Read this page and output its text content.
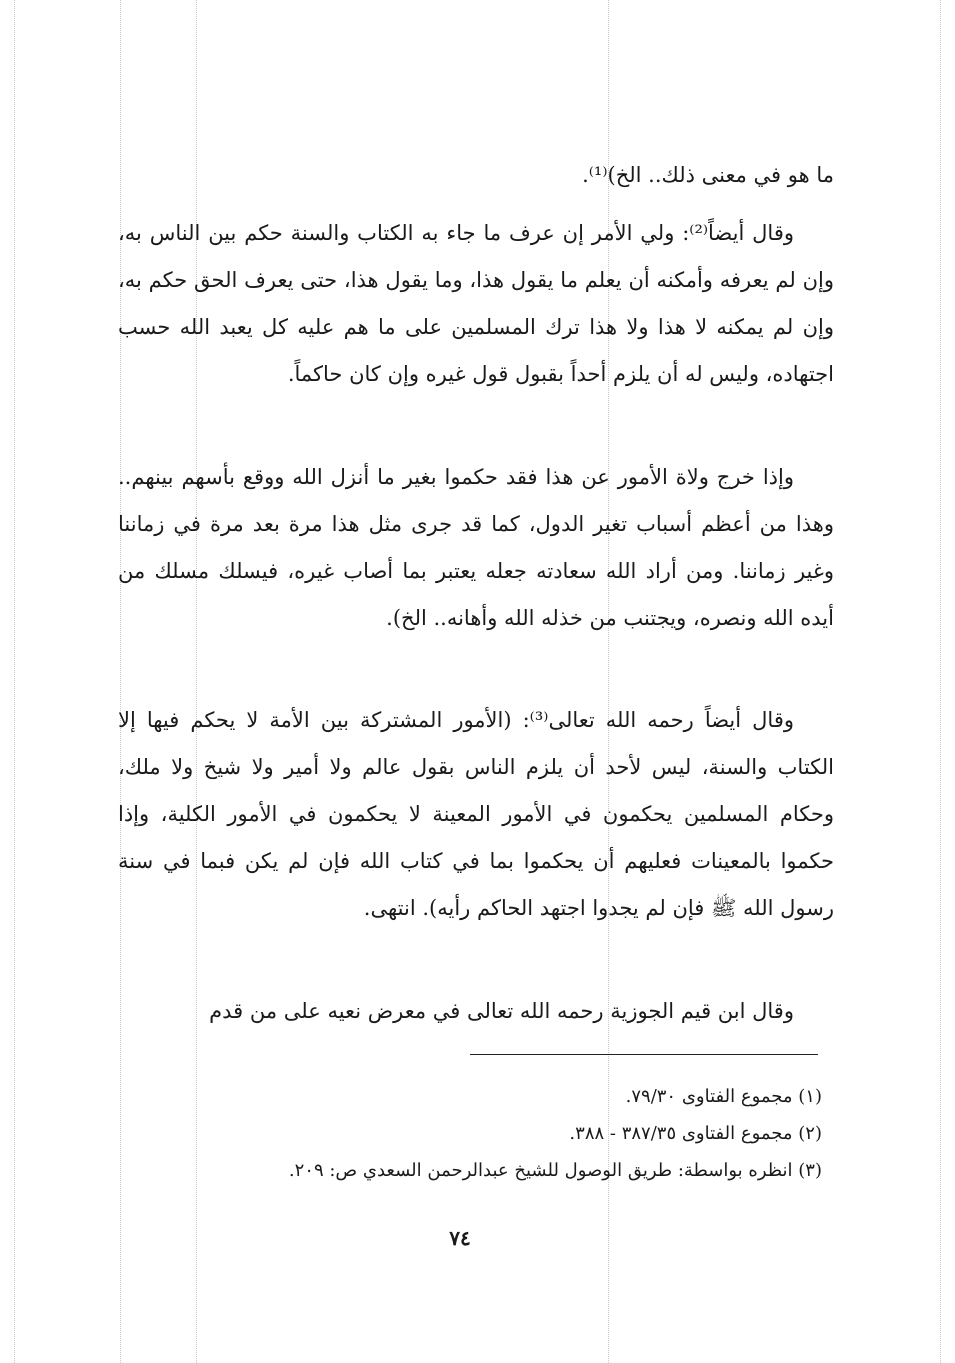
ما هو في معنى ذلك.. الخ)⁽¹⁾.

وقال أيضاً⁽²⁾: ولي الأمر إن عرف ما جاء به الكتاب والسنة حكم بين الناس به، وإن لم يعرفه وأمكنه أن يعلم ما يقول هذا، وما يقول هذا، حتى يعرف الحق حكم به، وإن لم يمكنه لا هذا ولا هذا ترك المسلمين على ما هم عليه كل يعبد الله حسب اجتهاده، وليس له أن يلزم أحداً بقبول قول غيره وإن كان حاكماً.

وإذا خرج ولاة الأمور عن هذا فقد حكموا بغير ما أنزل الله ووقع بأسهم بينهم.. وهذا من أعظم أسباب تغير الدول، كما قد جرى مثل هذا مرة بعد مرة في زماننا وغير زماننا. ومن أراد الله سعادته جعله يعتبر بما أصاب غيره، فيسلك مسلك من أيده الله ونصره، ويجتنب من خذله الله وأهانه.. الخ).

وقال أيضاً رحمه الله تعالى⁽³⁾: (الأمور المشتركة بين الأمة لا يحكم فيها إلا الكتاب والسنة، ليس لأحد أن يلزم الناس بقول عالم ولا أمير ولا شيخ ولا ملك، وحكام المسلمين يحكمون في الأمور المعينة لا يحكمون في الأمور الكلية، وإذا حكموا بالمعينات فعليهم أن يحكموا بما في كتاب الله فإن لم يكن فبما في سنة رسول الله ﷺ فإن لم يجدوا اجتهد الحاكم رأيه). انتهى.

وقال ابن قيم الجوزية رحمه الله تعالى في معرض نعيه على من قدم

(١) مجموع الفتاوى ٧٩/٣٠.

(٢) مجموع الفتاوى ٣٨٧/٣٥ - ٣٨٨.

(٣) انظره بواسطة: طريق الوصول للشيخ عبدالرحمن السعدي ص: ٢٠٩.

٧٤
